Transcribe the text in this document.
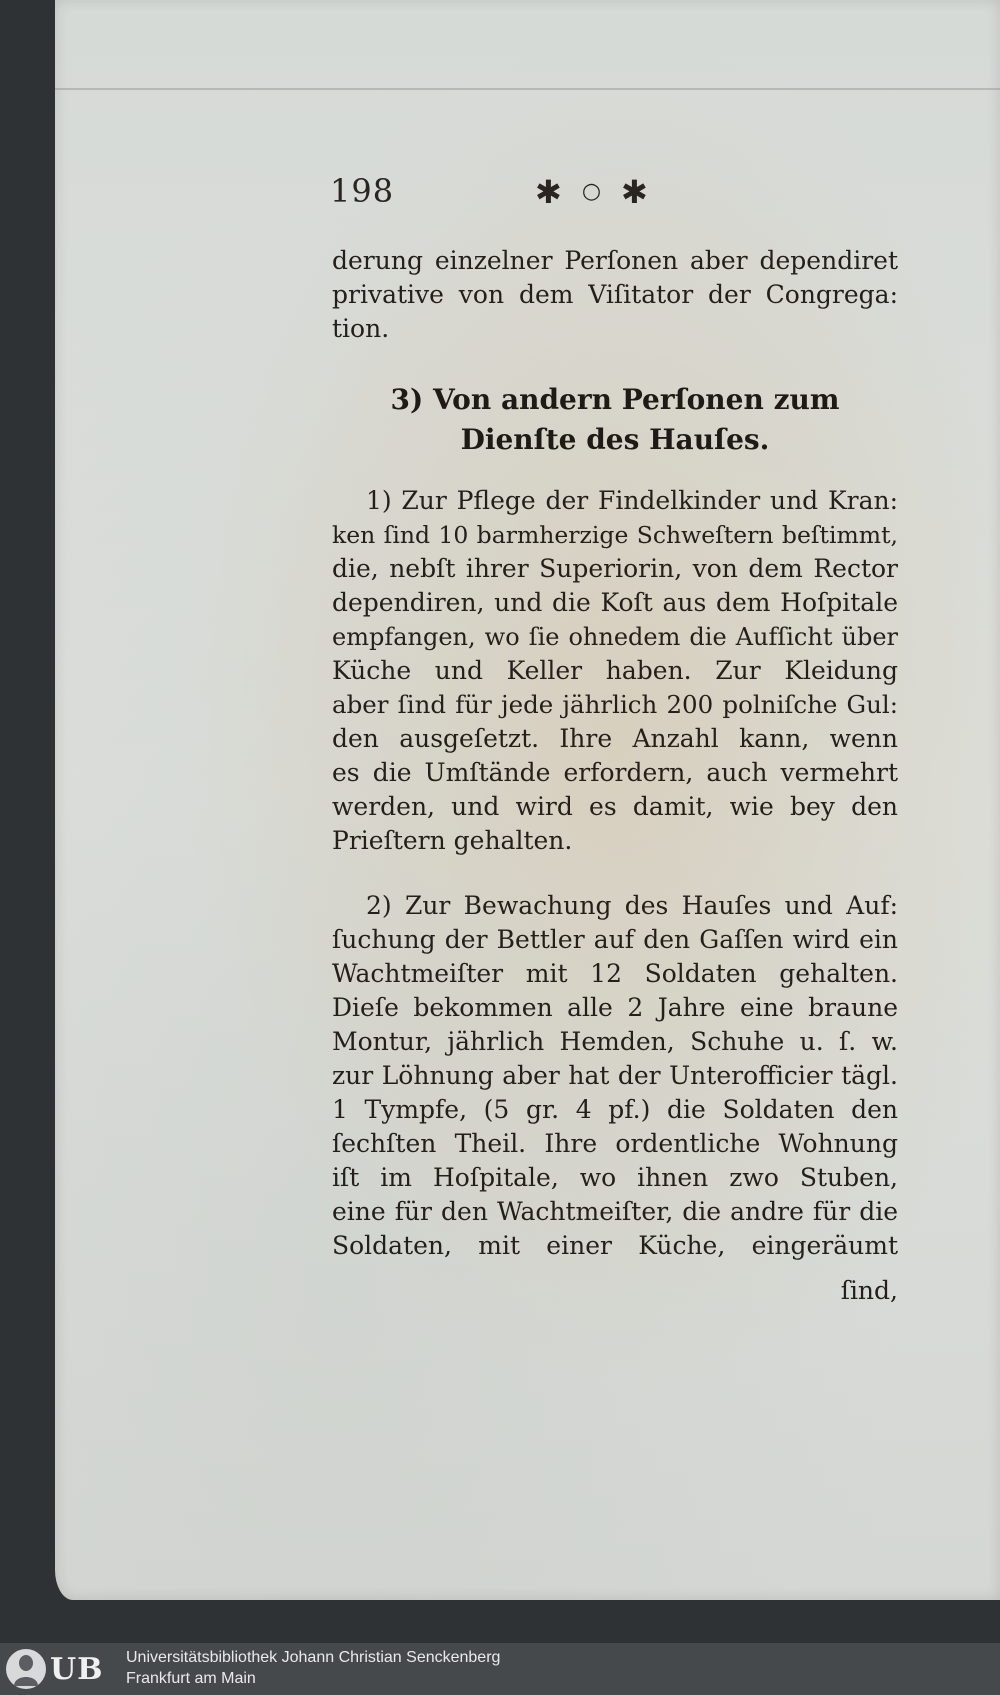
198	✱ ○ ✱
derung einzelner Perſonen aber dependiret
privative von dem Viſitator der Congrega:
tion.
3) Von andern Perſonen zum
Dienſte des Hauſes.
1) Zur Pflege der Findelkinder und Kran:
ken ſind 10 barmherzige Schweſtern beſtimmt,
die, nebſt ihrer Superiorin, von dem Rector
dependiren, und die Koſt aus dem Hoſpitale
empfangen, wo ſie ohnedem die Aufſicht über
Küche und Keller haben. Zur Kleidung
aber ſind für jede jährlich 200 polniſche Gul:
den ausgeſetzt. Ihre Anzahl kann, wenn
es die Umſtände erfordern, auch vermehrt
werden, und wird es damit, wie bey den
Prieſtern gehalten.
2) Zur Bewachung des Hauſes und Auf:
ſuchung der Bettler auf den Gaſſen wird ein
Wachtmeiſter mit 12 Soldaten gehalten.
Dieſe bekommen alle 2 Jahre eine braune
Montur, jährlich Hemden, Schuhe u. ſ. w.
zur Löhnung aber hat der Unterofficier tägl.
1 Tympfe, (5 gr. 4 pf.) die Soldaten den
ſechſten Theil. Ihre ordentliche Wohnung
iſt im Hoſpitale, wo ihnen zwo Stuben,
eine für den Wachtmeiſter, die andre für die
Soldaten, mit einer Küche, eingeräumt
ſind,
UB Universitätsbibliothek Johann Christian Senckenberg
Frankfurt am Main
